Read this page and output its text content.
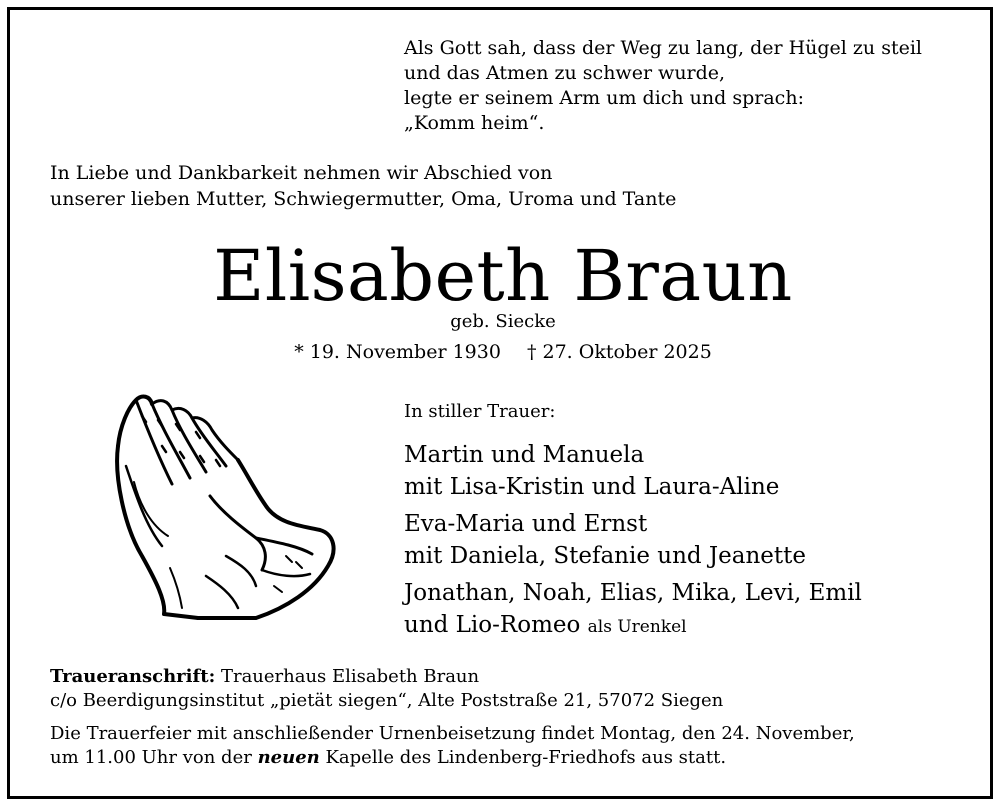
Als Gott sah, dass der Weg zu lang, der Hügel zu steil
und das Atmen zu schwer wurde,
legte er seinem Arm um dich und sprach:
„Komm heim“.
In Liebe und Dankbarkeit nehmen wir Abschied von
unserer lieben Mutter, Schwiegermutter, Oma, Uroma und Tante
Elisabeth Braun
geb. Siecke
* 19. November 1930 † 27. Oktober 2025
In stiller Trauer:
Martin und Manuela
mit Lisa-Kristin und Laura-Aline
Eva-Maria und Ernst
mit Daniela, Stefanie und Jeanette
Jonathan, Noah, Elias, Mika, Levi, Emil
und Lio-Romeo als Urenkel
Traueranschrift: Trauerhaus Elisabeth Braun
c/o Beerdigungsinstitut „pietät siegen“, Alte Poststraße 21, 57072 Siegen
Die Trauerfeier mit anschließender Urnenbeisetzung findet Montag, den 24. November,
um 11.00 Uhr von der neuen Kapelle des Lindenberg-Friedhofs aus statt.
